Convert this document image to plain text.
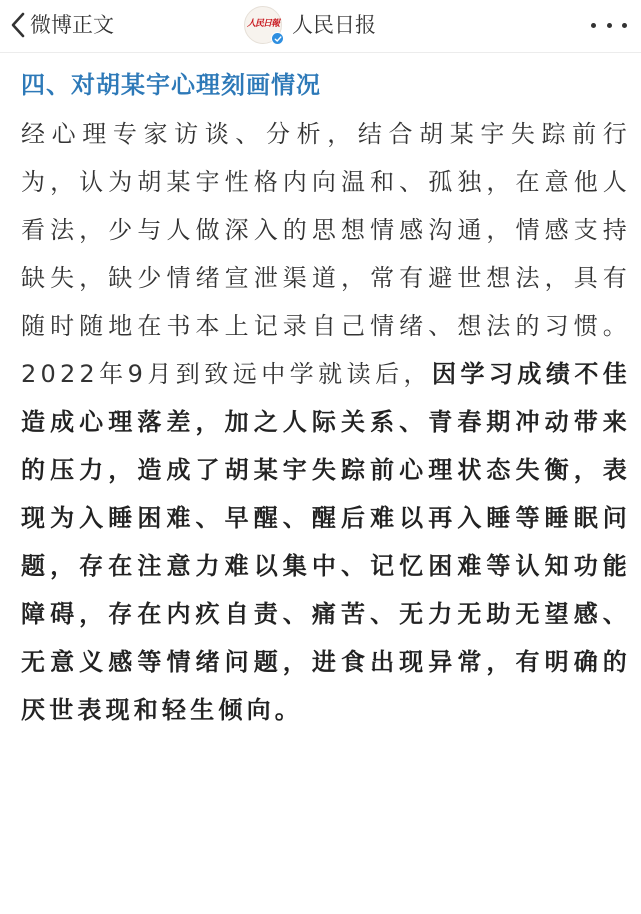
微博正文	人民日報 人民日报
四、对胡某宇心理刻画情况

经心理专家访谈、分析，结合胡某宇失踪前行为，认为胡某宇性格内向温和、孤独，在意他人看法，少与人做深入的思想情感沟通，情感支持缺失，缺少情绪宣泄渠道，常有避世想法，具有随时随地在书本上记录自己情绪、想法的习惯。2022年9月到致远中学就读后，因学习成绩不佳造成心理落差，加之人际关系、青春期冲动带来的压力，造成了胡某宇失踪前心理状态失衡，表现为入睡困难、早醒、醒后难以再入睡等睡眠问题，存在注意力难以集中、记忆困难等认知功能障碍，存在内疚自责、痛苦、无力无助无望感、无意义感等情绪问题，进食出现异常，有明确的厌世表现和轻生倾向。
